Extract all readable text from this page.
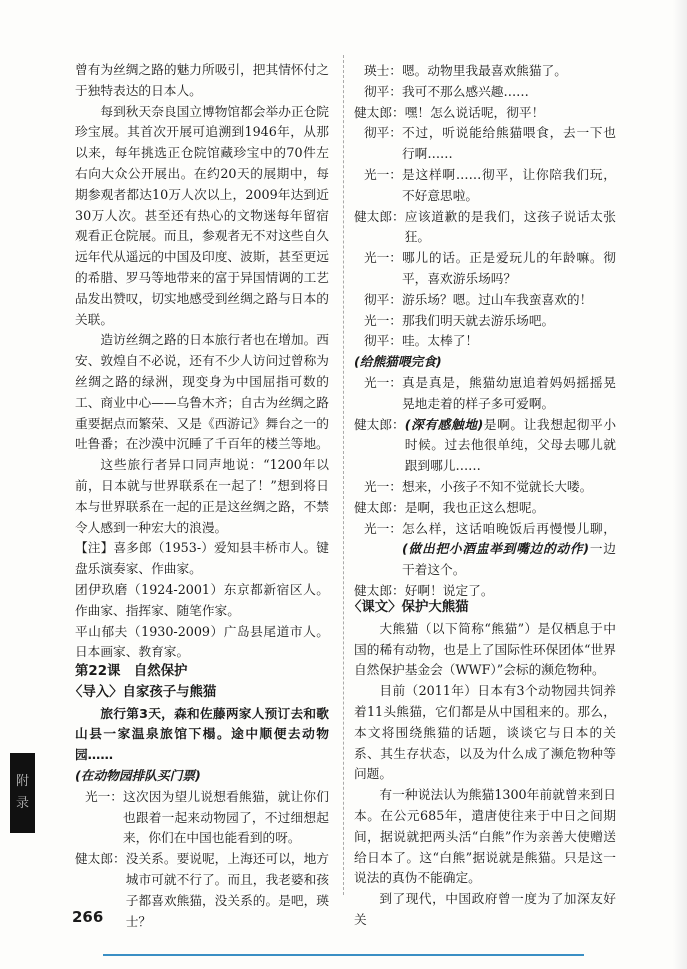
曾有为丝绸之路的魅力所吸引，把其情怀付之于独特表达的日本人。

每到秋天奈良国立博物馆都会举办正仓院珍宝展。其首次开展可追溯到1946年，从那以来，每年挑选正仓院馆藏珍宝中的70件左右向大众公开展出。在约20天的展期中，每期参观者都达10万人次以上，2009年达到近30万人次。甚至还有热心的文物迷每年留宿观看正仓院展。而且，参观者无不对这些自久远年代从遥远的中国及印度、波斯，甚至更远的希腊、罗马等地带来的富于异国情调的工艺品发出赞叹，切实地感受到丝绸之路与日本的关联。

造访丝绸之路的日本旅行者也在增加。西安、敦煌自不必说，还有不少人访问过曾称为丝绸之路的绿洲，现变身为中国屈指可数的工、商业中心——乌鲁木齐；自古为丝绸之路重要据点而繁荣、又是《西游记》舞台之一的吐鲁番；在沙漠中沉睡了千百年的楼兰等地。

这些旅行者异口同声地说：“1200年以前，日本就与世界联系在一起了！”想到将日本与世界联系在一起的正是这丝绸之路，不禁令人感到一种宏大的浪漫。

【注】喜多郎（1953-）爱知县丰桥市人。键盘乐演奏家、作曲家。

团伊玖磨（1924-2001）东京都新宿区人。作曲家、指挥家、随笔作家。

平山郁夫（1930-2009）广岛县尾道市人。日本画家、教育家。

第22课　自然保护

〈导入〉自家孩子与熊猫

旅行第3天，森和佐藤两家人预订去和歌山县一家温泉旅馆下榻。途中顺便去动物园……

(在动物园排队买门票)

光一： 这次因为望儿说想看熊猫，就让你们也跟着一起来动物园了，不过细想起来，你们在中国也能看到的呀。
健太郎： 没关系。要说呢，上海还可以，地方城市可就不行了。而且，我老婆和孩子都喜欢熊猫，没关系的。是吧，瑛士？
瑛士： 嗯。动物里我最喜欢熊猫了。
彻平： 我可不那么感兴趣……
健太郎： 嘿！怎么说话呢，彻平！
彻平： 不过，听说能给熊猫喂食，去一下也行啊……
光一： 是这样啊……彻平，让你陪我们玩，不好意思啦。
健太郎： 应该道歉的是我们，这孩子说话太张狂。
光一： 哪儿的话。正是爱玩儿的年龄嘛。彻平，喜欢游乐场吗？
彻平： 游乐场？嗯。过山车我蛮喜欢的！
光一： 那我们明天就去游乐场吧。
彻平： 哇。太棒了！

(给熊猫喂完食)

光一： 真是真是，熊猫幼崽追着妈妈摇摇晃晃地走着的样子多可爱啊。
健太郎： (深有感触地)是啊。让我想起彻平小时候。过去他很单纯，父母去哪儿就跟到哪儿……
光一： 想来，小孩子不知不觉就长大喽。
健太郎： 是啊，我也正这么想呢。
光一： 怎么样，这话咱晚饭后再慢慢儿聊，(做出把小酒盅举到嘴边的动作)一边干着这个。
健太郎： 好啊！说定了。

〈课文〉保护大熊猫

大熊猫（以下简称“熊猫”）是仅栖息于中国的稀有动物，也是上了国际性环保团体“世界自然保护基金会（WWF）”会标的濒危物种。

目前（2011年）日本有3个动物园共饲养着11头熊猫，它们都是从中国租来的。那么，本文将围绕熊猫的话题，谈谈它与日本的关系、其生存状态，以及为什么成了濒危物种等问题。

有一种说法认为熊猫1300年前就曾来到日本。在公元685年，遣唐使往来于中日之间期间，据说就把两头活“白熊”作为亲善大使赠送给日本了。这“白熊”据说就是熊猫。只是这一说法的真伪不能确定。

到了现代，中国政府曾一度为了加深友好关

附
录
266
